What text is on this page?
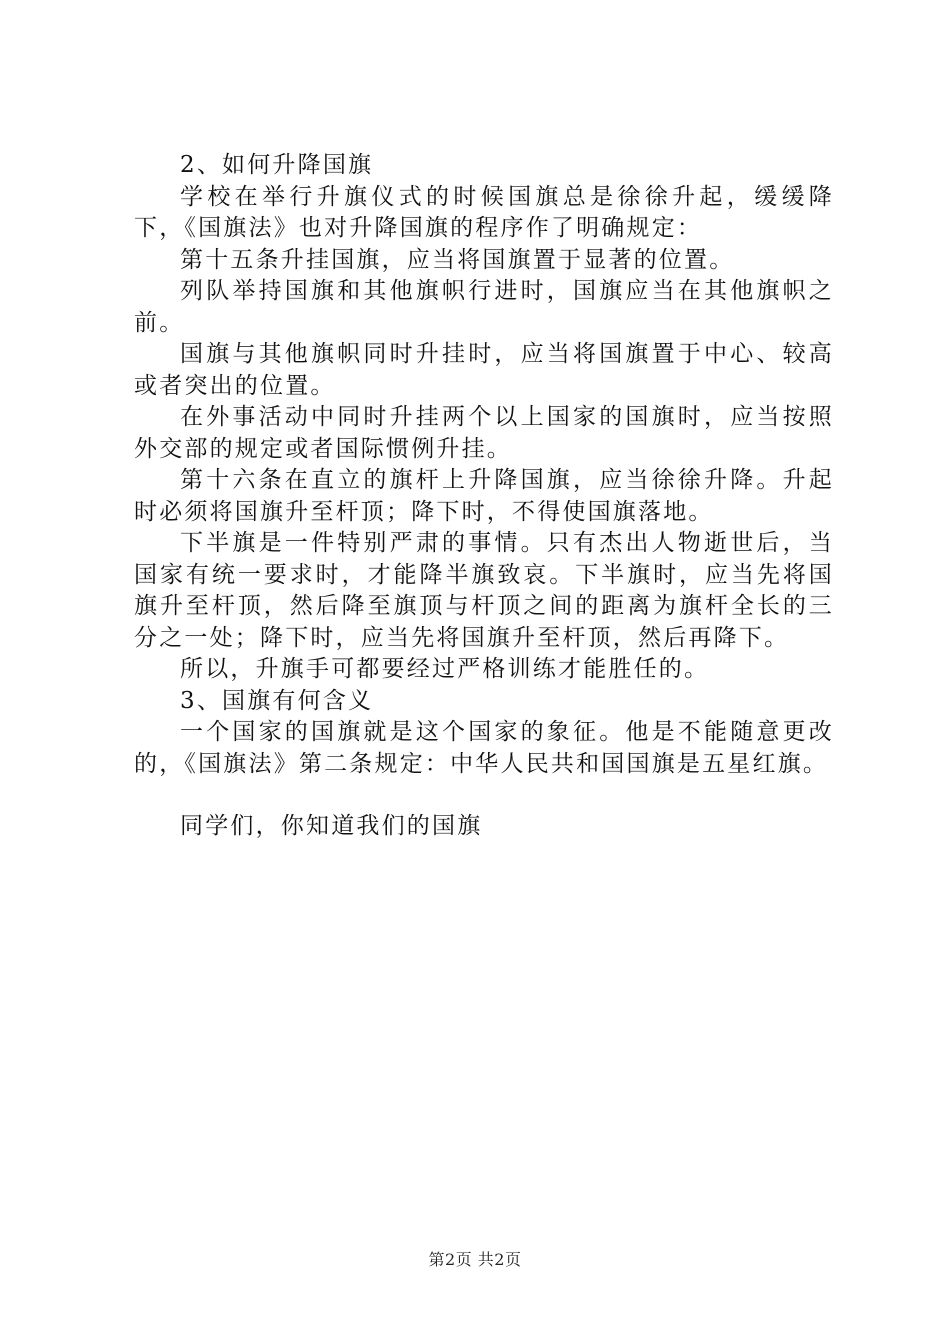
2、如何升降国旗

学校在举行升旗仪式的时候国旗总是徐徐升起，缓缓降下，《国旗法》也对升降国旗的程序作了明确规定：

第十五条升挂国旗，应当将国旗置于显著的位置。

列队举持国旗和其他旗帜行进时，国旗应当在其他旗帜之前。

国旗与其他旗帜同时升挂时，应当将国旗置于中心、较高或者突出的位置。

在外事活动中同时升挂两个以上国家的国旗时，应当按照外交部的规定或者国际惯例升挂。

第十六条在直立的旗杆上升降国旗，应当徐徐升降。升起时必须将国旗升至杆顶；降下时，不得使国旗落地。

下半旗是一件特别严肃的事情。只有杰出人物逝世后，当国家有统一要求时，才能降半旗致哀。下半旗时，应当先将国旗升至杆顶，然后降至旗顶与杆顶之间的距离为旗杆全长的三分之一处；降下时，应当先将国旗升至杆顶，然后再降下。

所以，升旗手可都要经过严格训练才能胜任的。

3、国旗有何含义

一个国家的国旗就是这个国家的象征。他是不能随意更改的，《国旗法》第二条规定：中华人民共和国国旗是五星红旗。

同学们，你知道我们的国旗

第2页 共2页
